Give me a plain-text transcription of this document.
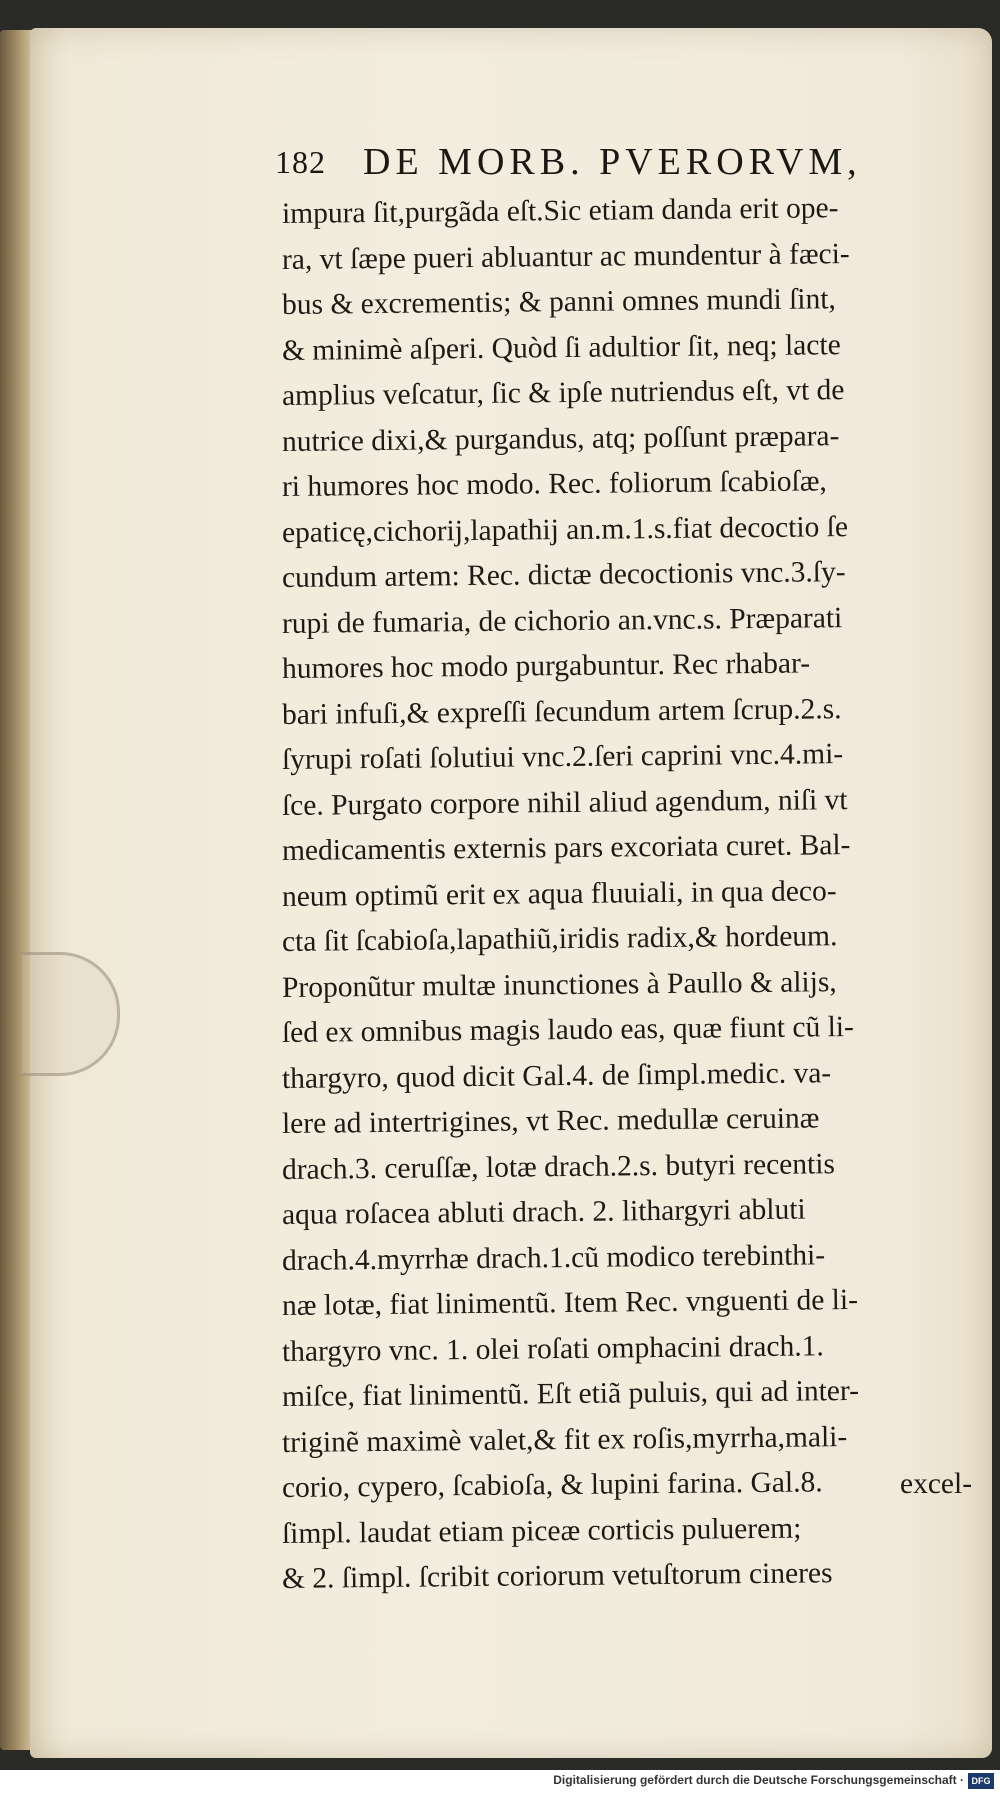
182 DE MORB. PVERORVM,
impura ſit,purgãda eſt.Sic etiam danda erit ope-
ra, vt ſæpe pueri abluantur ac mundentur à fæci-
bus & excrementis; & panni omnes mundi ſint,
& minimè aſperi. Quòd ſi adultior ſit, neq; lacte
amplius veſcatur, ſic & ipſe nutriendus eſt, vt de
nutrice dixi,& purgandus, atq; poſſunt præpara-
ri humores hoc modo. Rec. foliorum ſcabioſæ,
epaticę,cichorij,lapathij an.m.1.s.fiat decoctio ſe
cundum artem: Rec. dictæ decoctionis vnc.3.ſy-
rupi de fumaria, de cichorio an.vnc.s. Præparati
humores hoc modo purgabuntur. Rec rhabar-
bari infuſi,& expreſſi ſecundum artem ſcrup.2.s.
ſyrupi roſati ſolutiui vnc.2.ſeri caprini vnc.4.mi-
ſce. Purgato corpore nihil aliud agendum, niſi vt
medicamentis externis pars excoriata curet. Bal-
neum optimũ erit ex aqua fluuiali, in qua deco-
cta ſit ſcabioſa,lapathiũ,iridis radix,& hordeum.
Proponũtur multæ inunctiones à Paullo & alijs,
ſed ex omnibus magis laudo eas, quæ fiunt cũ li-
thargyro, quod dicit Gal.4. de ſimpl.medic. va-
lere ad intertrigines, vt Rec. medullæ ceruinæ
drach.3. ceruſſæ, lotæ drach.2.s. butyri recentis
aqua roſacea abluti drach. 2. lithargyri abluti
drach.4.myrrhæ drach.1.cũ modico terebinthi-
næ lotæ, fiat linimentũ. Item Rec. vnguenti de li-
thargyro vnc. 1. olei roſati omphacini drach.1.
miſce, fiat linimentũ. Eſt etiã puluis, qui ad inter-
triginẽ maximè valet,& fit ex roſis,myrrha,mali-
corio, cypero, ſcabioſa, & lupini farina. Gal.8.
ſimpl. laudat etiam piceæ corticis puluerem;
& 2. ſimpl. ſcribit coriorum vetuſtorum cineres
excel-
Digitalisierung gefördert durch die Deutsche Forschungsgemeinschaft · DFG
